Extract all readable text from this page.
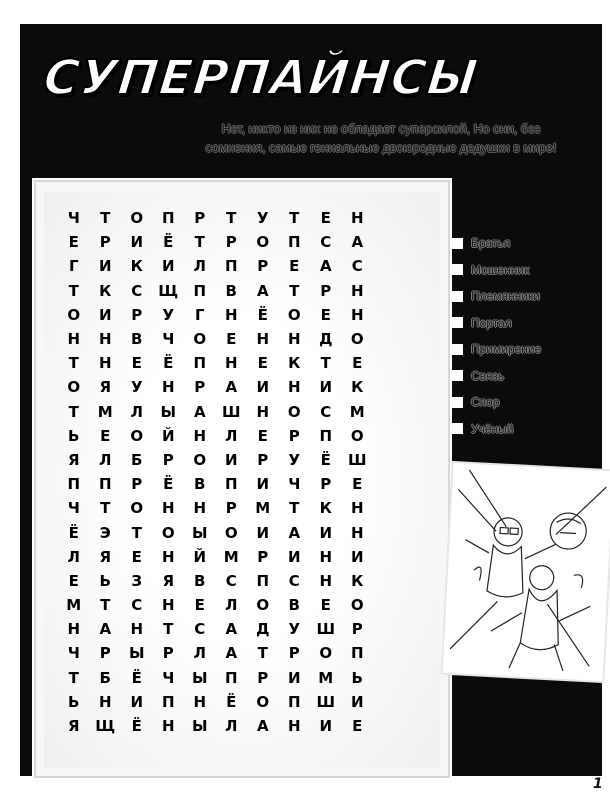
СУПЕРПАЙНСЫ
Нет, никто из них не обладает суперсилой, Но они, без сомнения, самые гениальные двоюродные дедушки в мире!
Ч	Т	О	П	Р	Т	У	Т	Е	Н
Е	Р	И	Ё	Т	Р	О	П	С	А
Г	И	К	И	Л	П	Р	Е	А	С
Т	К	С	Щ	П	В	А	Т	Р	Н
О	И	Р	У	Г	Н	Ё	О	Е	Н
Н	Н	В	Ч	О	Е	Н	Н	Д	О
Т	Н	Е	Ё	П	Н	Е	К	Т	Е
О	Я	У	Н	Р	А	И	Н	И	К
Т	М	Л	Ы	А	Ш	Н	О	С	М
Ь	Е	О	Й	Н	Л	Е	Р	П	О
Я	Л	Б	Р	О	И	Р	У	Ё	Ш
П	П	Р	Ё	В	П	И	Ч	Р	Е
Ч	Т	О	Н	Н	Р	М	Т	К	Н
Ё	Э	Т	О	Ы	О	И	А	И	Н
Л	Я	Е	Н	Й	М	Р	И	Н	И
Е	Ь	З	Я	В	С	П	С	Н	К
М	Т	С	Н	Е	Л	О	В	Е	О
Н	А	Н	Т	С	А	Д	У	Ш	Р
Ч	Р	Ы	Р	Л	А	Т	Р	О	П
Т	Б	Ё	Ч	Ы	П	Р	И	М	Ь
Ь	Н	И	П	Н	Ё	О	П	Ш	И
Я	Щ	Ё	Н	Ы	Л	А	Н	И	Е
Братья
Мошенник
Племянники
Портал
Примирение
Связь
Спор
Учёный
1
